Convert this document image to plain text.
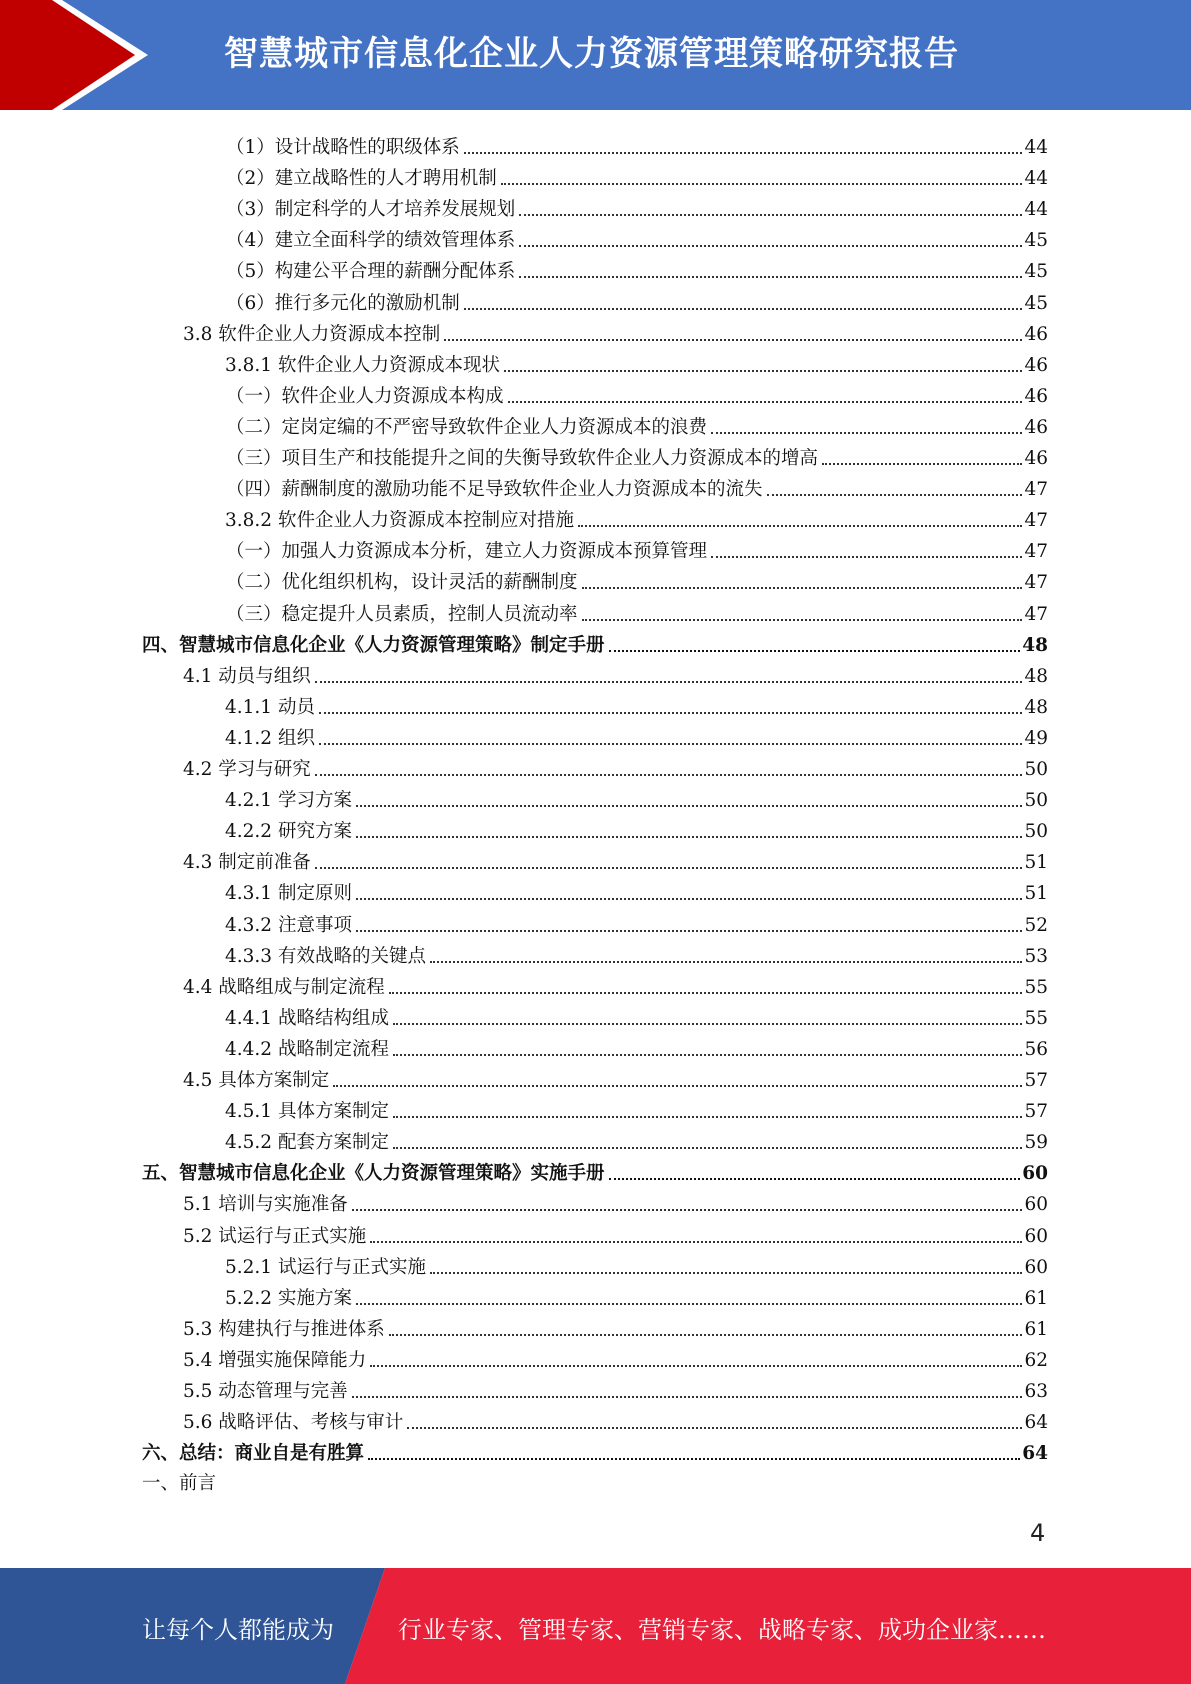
智慧城市信息化企业人力资源管理策略研究报告
（1）设计战略性的职级体系	44
（2）建立战略性的人才聘用机制	44
（3）制定科学的人才培养发展规划	44
（4）建立全面科学的绩效管理体系	45
（5）构建公平合理的薪酬分配体系	45
（6）推行多元化的激励机制	45
3.8 软件企业人力资源成本控制	46
3.8.1 软件企业人力资源成本现状	46
（一）软件企业人力资源成本构成	46
（二）定岗定编的不严密导致软件企业人力资源成本的浪费	46
（三）项目生产和技能提升之间的失衡导致软件企业人力资源成本的增高	46
（四）薪酬制度的激励功能不足导致软件企业人力资源成本的流失	47
3.8.2 软件企业人力资源成本控制应对措施	47
（一）加强人力资源成本分析，建立人力资源成本预算管理	47
（二）优化组织机构，设计灵活的薪酬制度	47
（三）稳定提升人员素质，控制人员流动率	47
四、智慧城市信息化企业《人力资源管理策略》制定手册	48
4.1 动员与组织	48
4.1.1 动员	48
4.1.2 组织	49
4.2 学习与研究	50
4.2.1 学习方案	50
4.2.2 研究方案	50
4.3 制定前准备	51
4.3.1 制定原则	51
4.3.2 注意事项	52
4.3.3 有效战略的关键点	53
4.4 战略组成与制定流程	55
4.4.1 战略结构组成	55
4.4.2 战略制定流程	56
4.5 具体方案制定	57
4.5.1 具体方案制定	57
4.5.2 配套方案制定	59
五、智慧城市信息化企业《人力资源管理策略》实施手册	60
5.1 培训与实施准备	60
5.2 试运行与正式实施	60
5.2.1 试运行与正式实施	60
5.2.2 实施方案	61
5.3 构建执行与推进体系	61
5.4 增强实施保障能力	62
5.5 动态管理与完善	63
5.6 战略评估、考核与审计	64
六、总结：商业自是有胜算	64
一、前言
4
让每个人都能成为	行业专家、管理专家、营销专家、战略专家、成功企业家……
